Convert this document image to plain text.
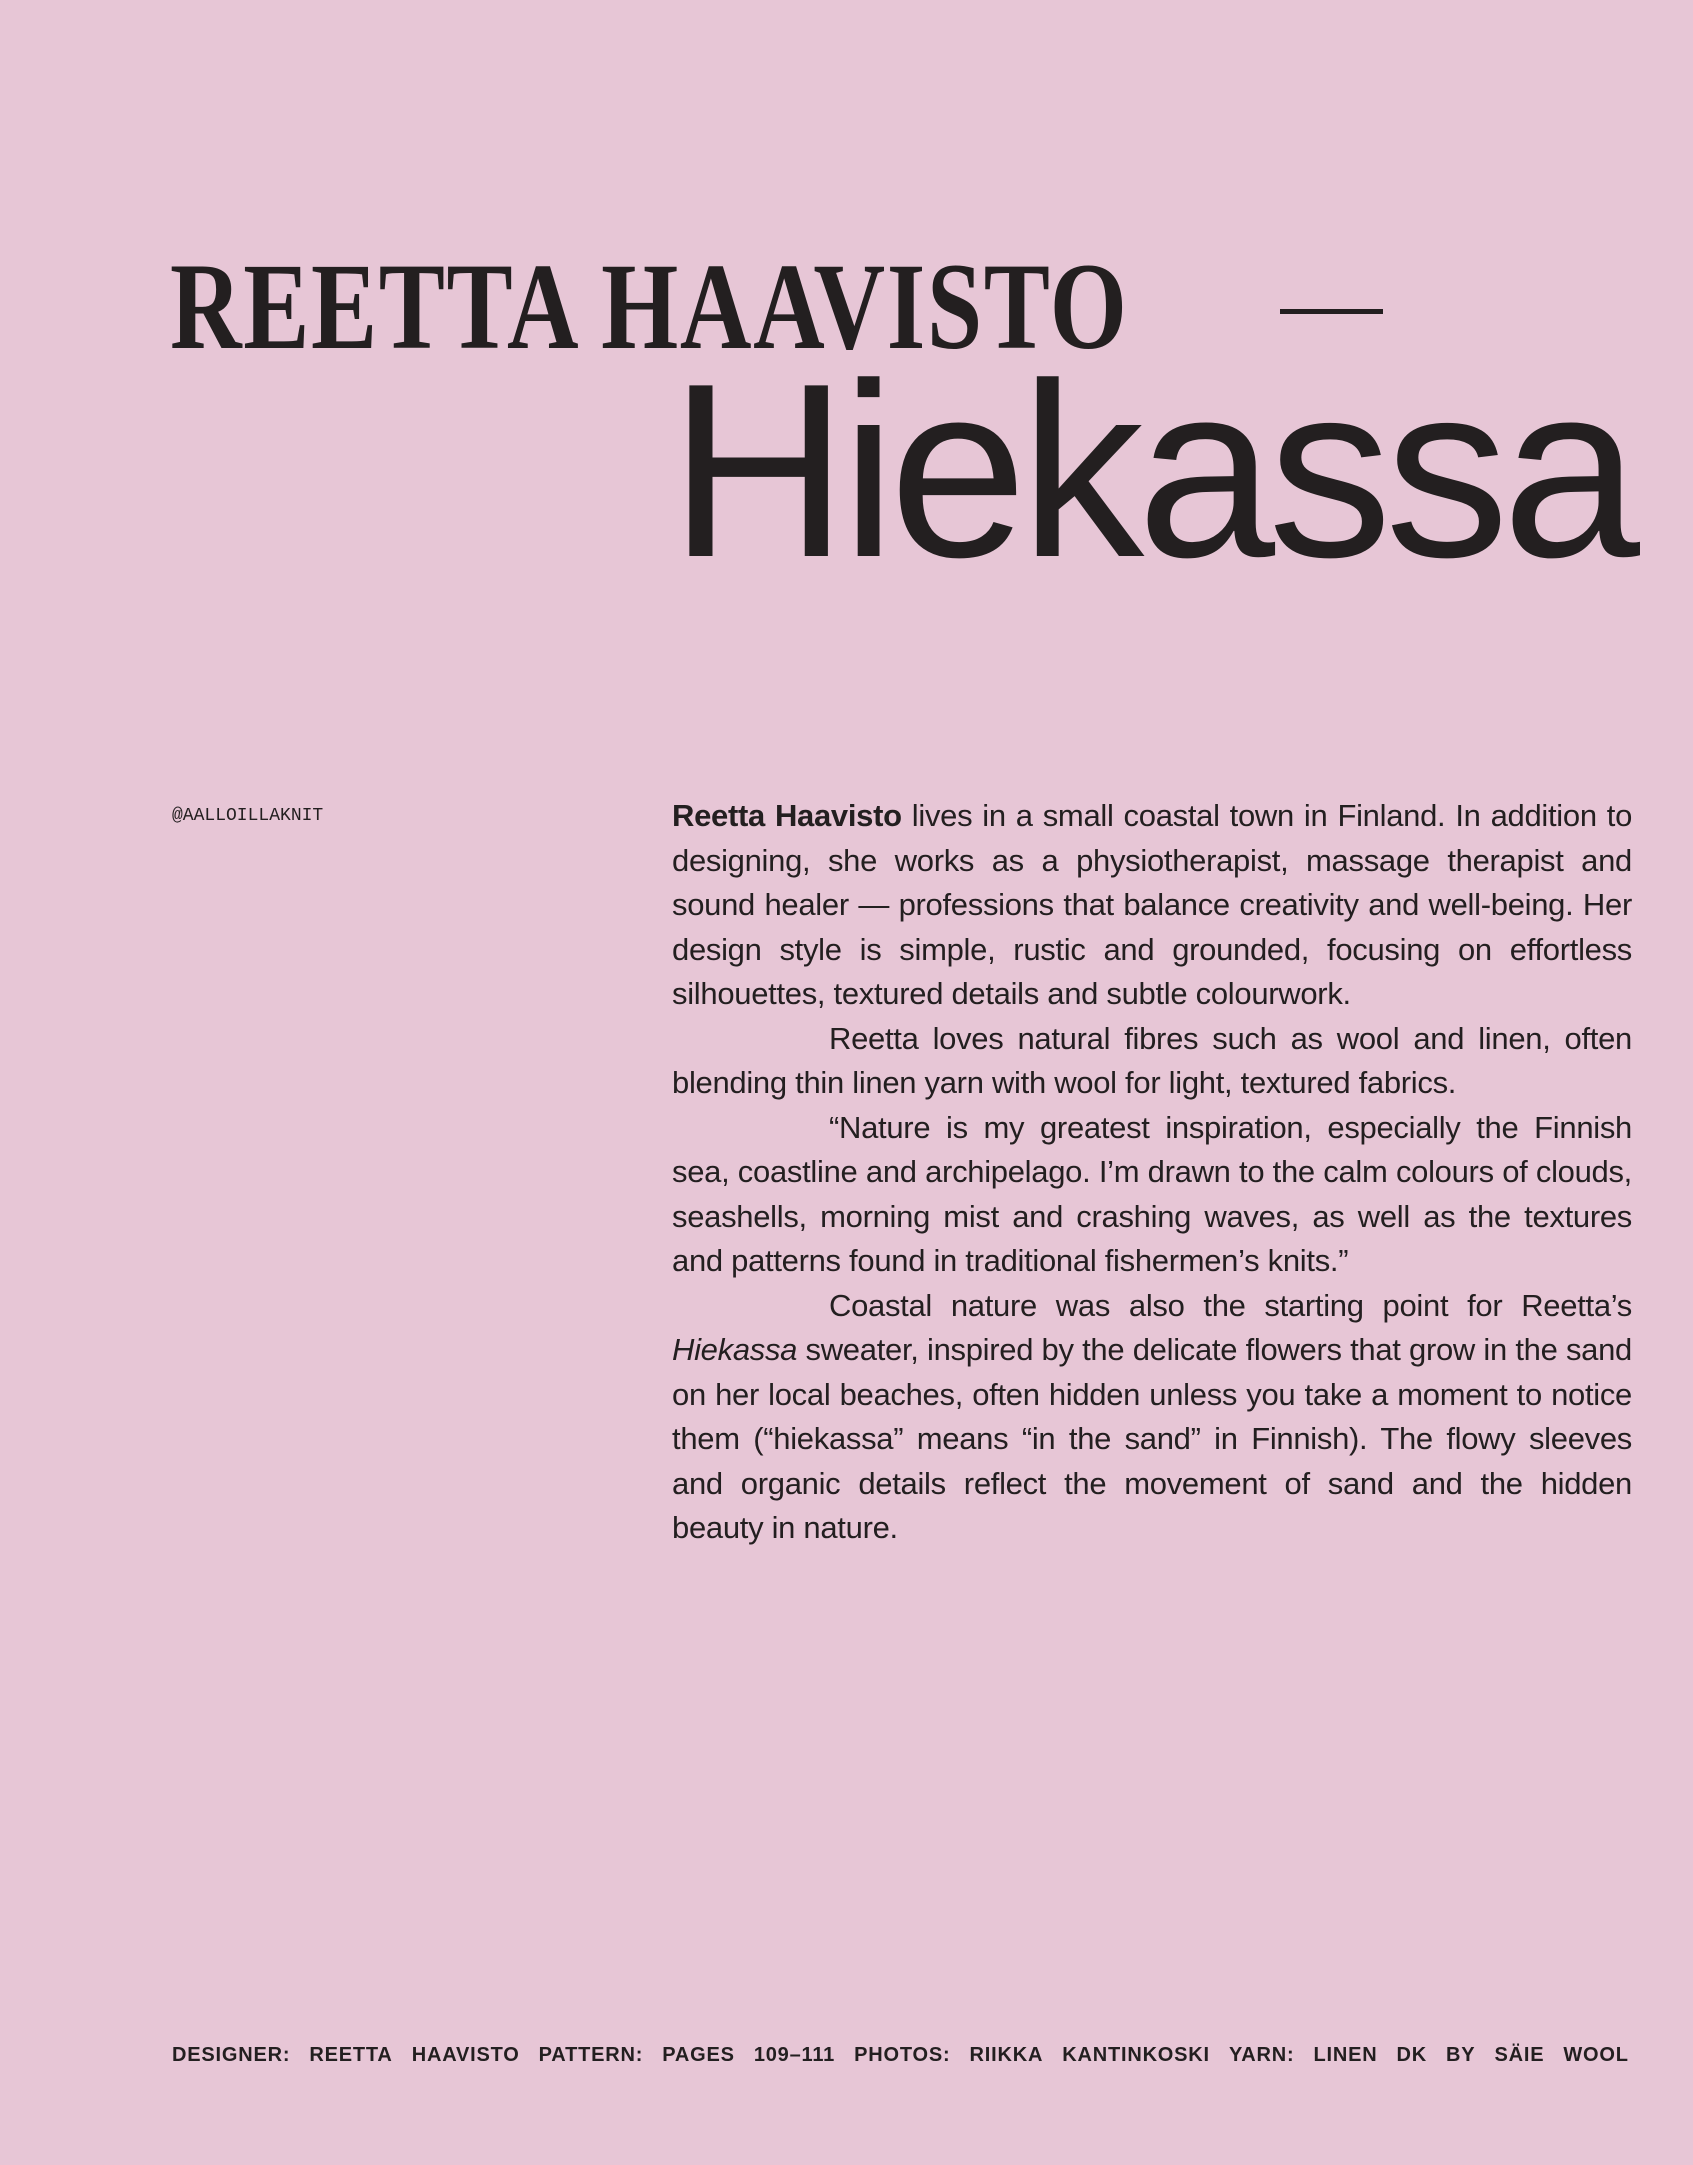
REETTA HAAVISTO
Hiekassa
@AALLOILLAKNIT	Reetta Haavisto lives in a small coastal town in Finland. In addition to designing, she works as a physiotherapist, massage therapist and sound healer — professions that balance creativity and well-being. Her design style is simple, rustic and grounded, focusing on effortless silhouettes, textured details and subtle colourwork.

Reetta loves natural fibres such as wool and linen, often blending thin linen yarn with wool for light, textured fabrics.

“Nature is my greatest inspiration, especially the Finnish sea, coastline and archipelago. I’m drawn to the calm colours of clouds, seashells, morning mist and crashing waves, as well as the textures and patterns found in traditional fishermen’s knits.”

Coastal nature was also the starting point for Reetta’s Hiekassa sweater, inspired by the delicate flowers that grow in the sand on her local beaches, often hidden unless you take a moment to notice them (“hiekassa” means “in the sand” in Finnish). The flowy sleeves and organic details reflect the movement of sand and the hidden beauty in nature.

DESIGNER: REETTA HAAVISTO PATTERN: PAGES 109–111 PHOTOS: RIIKKA KANTINKOSKI YARN: LINEN DK BY SÄIE WOOL
